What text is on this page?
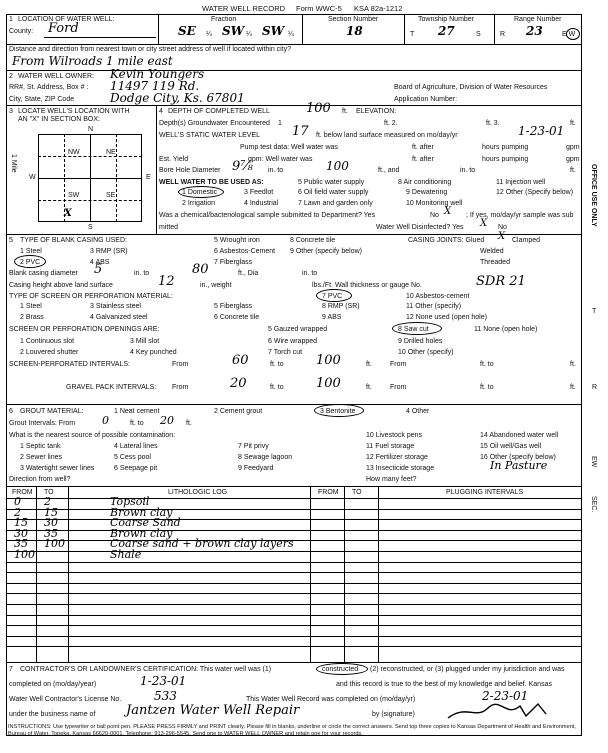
WATER WELL RECORD Form WWC-5 KSA 82a-1212
1 LOCATION OF WATER WELL:
County: Ford
Fraction
SE ¼ SW ¼ SW ¼
Section Number
18
Township Number
T 27	S
Range Number
R 23	E W
Distance and direction from nearest town or city street address of well if located within city?
From Wilroads 1 mile east
2 WATER WELL OWNER: Kevin Youngers
RR#, St. Address, Box # : 11497 119 Rd.
City, State, ZIP Code	Dodge City, Ks. 67801
Board of Agriculture, Division of Water Resources
Application Number:
3 LOCATE WELL'S LOCATION WITH
AN "X" IN SECTION BOX:
N
S
W	E
1 Mile
NW	NE
SW	SE
X
4 DEPTH OF COMPLETED WELL	100 ft. ELEVATION:
Depth(s) Groundwater Encountered 1	ft. 2.	ft. 3.	ft.
WELL'S STATIC WATER LEVEL 17 ft. below land surface measured on mo/day/yr	1-23-01
Pump test data: Well water was	ft. after	hours pumping	gpm
Est. Yield	gpm: Well water was	ft. after	hours pumping	gpm
Bore Hole Diameter 9⅞ in. to	100	ft., and	in. to	ft.
WELL WATER TO BE USED AS:
1 Domestic	3 Feedlot
5 Public water supply	8 Air conditioning	11 Injection well
2 Irrigation	4 Industrial	7 Lawn and garden only
9 Dewatering	12 Other (Specify below)
6 Oil field water supply
10 Monitoring well
Was a chemical/bacteriological sample submitted to Department? Yes	No X ; If yes, mo/day/yr sample was sub
mitted	Water Well Disinfected? Yes X No
5 TYPE OF BLANK CASING USED:
1 Steel	3 RMP (SR)
5 Wrought iron	8 Concrete tile
2 PVC	4 ABS
6 Asbestos-Cement 9 Other (specify below)
7 Fiberglass
CASING JOINTS: Glued X Clamped
Welded
Threaded
Blank casing diameter 5	in. to	80	ft., Dia	in. to
Casing height above land surface	12	in., weight	lbs./Ft. Wall thickness or gauge No.	SDR 21
TYPE OF SCREEN OR PERFORATION MATERIAL:
1 Steel	3 Stainless steel	5 Fiberglass
7 PVC	10 Asbestos-cement
2 Brass	4 Galvanized steel	6 Concrete tile
8 RMP (SR)	11 Other (specify)
9 ABS	12 None used (open hole)
SCREEN OR PERFORATION OPENINGS ARE:	5 Gauzed wrapped	8 Saw cut	11 None (open hole)
1 Continuous slot	3 Mill slot	6 Wire wrapped	9 Drilled holes
2 Louvered shutter	4 Key punched	7 Torch cut	10 Other (specify)
SCREEN-PERFORATED INTERVALS:	From	60	ft. to 100	ft.	From	ft. to	ft.
GRAVEL PACK INTERVALS: From	20	ft. to 100	ft.	From	ft. to	ft.
6 GROUT MATERIAL:	1 Neat cement	2 Cement grout	3 Bentonite	4 Other
Grout Intervals: From 0	ft. to 20 ft.
What is the nearest source of possible contamination:
1 Septic tank	4 Lateral lines	7 Pit privy
10 Livestock pens	14 Abandoned water well
2 Sewer lines	5 Cess pool	8 Sewage lagoon
11 Fuel storage	15 Oil well/Gas well
3 Watertight sewer lines	6 Seepage pit	9 Feedyard
12 Fertilizer storage	16 Other (specify below)
13 Insecticide storage	In Pasture
Direction from well?	How many feet?
FROM TO	LITHOLOGIC LOG	FROM TO	PLUGGING INTERVALS
0 2	Topsoil
2 15	Brown clay
15 30	Coarse Sand
30 35	Brown clay
35 100	Coarse sand + brown clay layers
100	Shale
7 CONTRACTOR'S OR LANDOWNER'S CERTIFICATION: This water well was (1)	constructed (2) reconstructed, or (3) plugged under my jurisdiction and was
completed on (mo/day/year)	1-23-01	and this record is true to the best of my knowledge and belief. Kansas
Water Well Contractor's License No.	533	This Water Well Record was completed on (mo/day/yr)	2-23-01
under the business name of Jantzen Water Well Repair	by (signature)
INSTRUCTIONS: Use typewriter or ball point pen. PLEASE PRESS FIRMLY and PRINT clearly. Please fill in blanks, underline or circle the correct answers. Send top three copies to Kansas Department of Health and Environment, Bureau of Water, Topeka, Kansas 66620-0001. Telephone: 913-296-5545. Send one to WATER WELL OWNER and retain one for your records.
OFFICE USE ONLY
T
R
EW
SEC.
